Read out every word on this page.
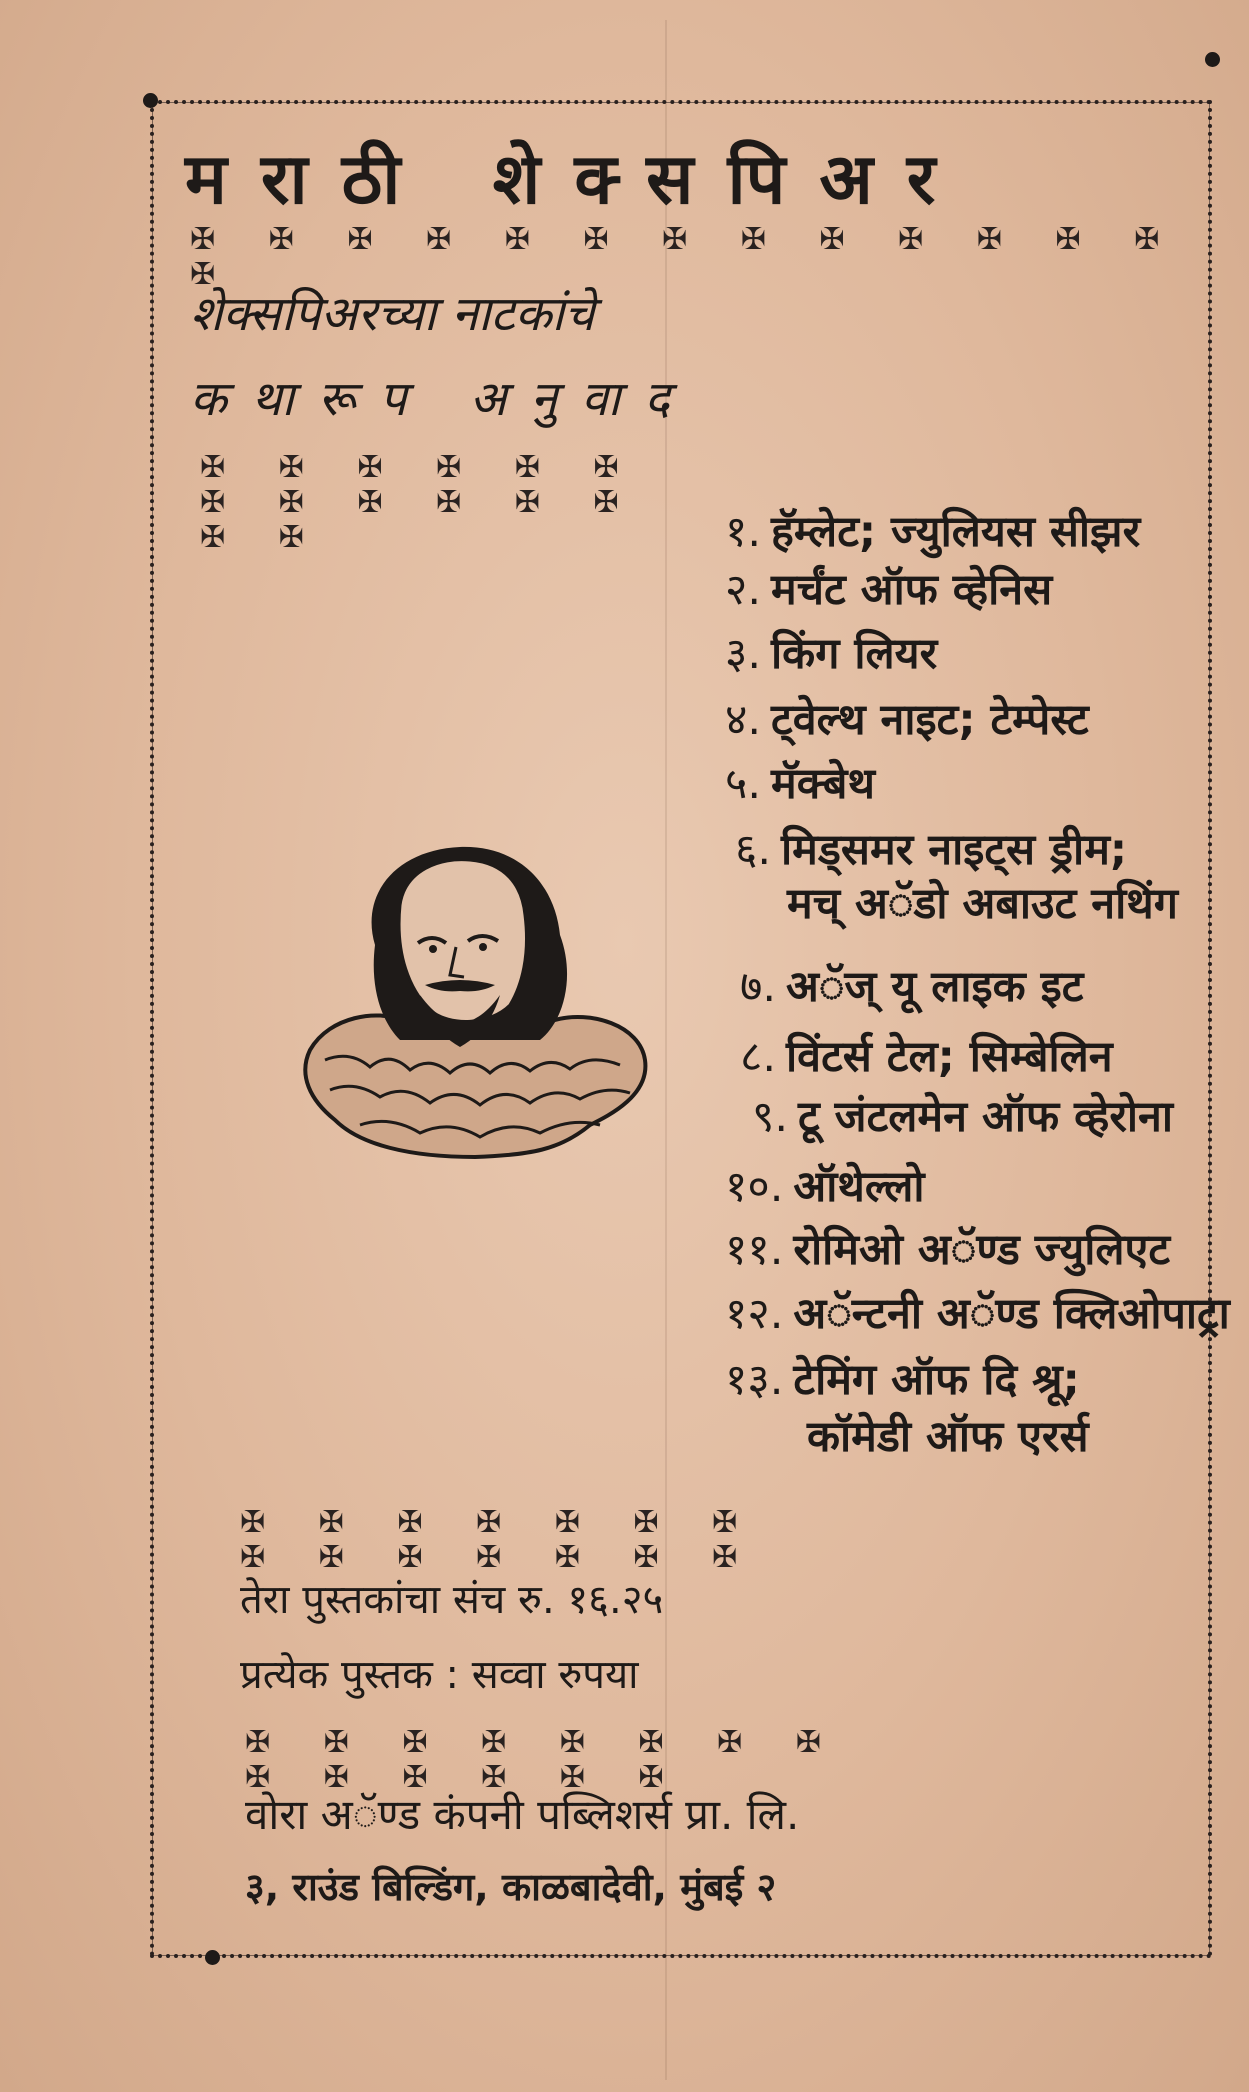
मराठी शेक्सपिअर
✠ ✠ ✠ ✠ ✠ ✠ ✠ ✠ ✠ ✠ ✠ ✠ ✠ ✠
शेक्सपिअरच्या नाटकांचे
कथारूप अनुवाद
✠ ✠ ✠ ✠ ✠ ✠ ✠ ✠ ✠ ✠ ✠ ✠ ✠ ✠	१. हॅम्लेट; ज्युलियस सीझर
२. मर्चंट ऑफ व्हेनिस
३. किंग लियर
४. ट्वेल्थ नाइट; टेम्पेस्ट
५. मॅक्बेथ
६. मिड्समर नाइट्स ड्रीम;
मच् अॅडो अबाउट नथिंग
७. अॅज् यू लाइक इट
८. विंटर्स टेल; सिम्बेलिन
९. टू जंटलमेन ऑफ व्हेरोना
१०. ऑथेल्लो
११. रोमिओ अॅण्ड ज्युलिएट
१२. अॅन्टनी अॅण्ड क्लिओपाट्रा
१३. टेमिंग ऑफ दि श्रू;
कॉमेडी ऑफ एरर्स
✠ ✠ ✠ ✠ ✠ ✠ ✠ ✠ ✠ ✠ ✠ ✠ ✠ ✠
तेरा पुस्तकांचा संच रु. १६.२५
प्रत्येक पुस्तक : सव्वा रुपया
✠ ✠ ✠ ✠ ✠ ✠ ✠ ✠ ✠ ✠ ✠ ✠ ✠ ✠
वोरा अॅण्ड कंपनी पब्लिशर्स प्रा. लि.
३, राउंड बिल्डिंग, काळबादेवी, मुंबई २
